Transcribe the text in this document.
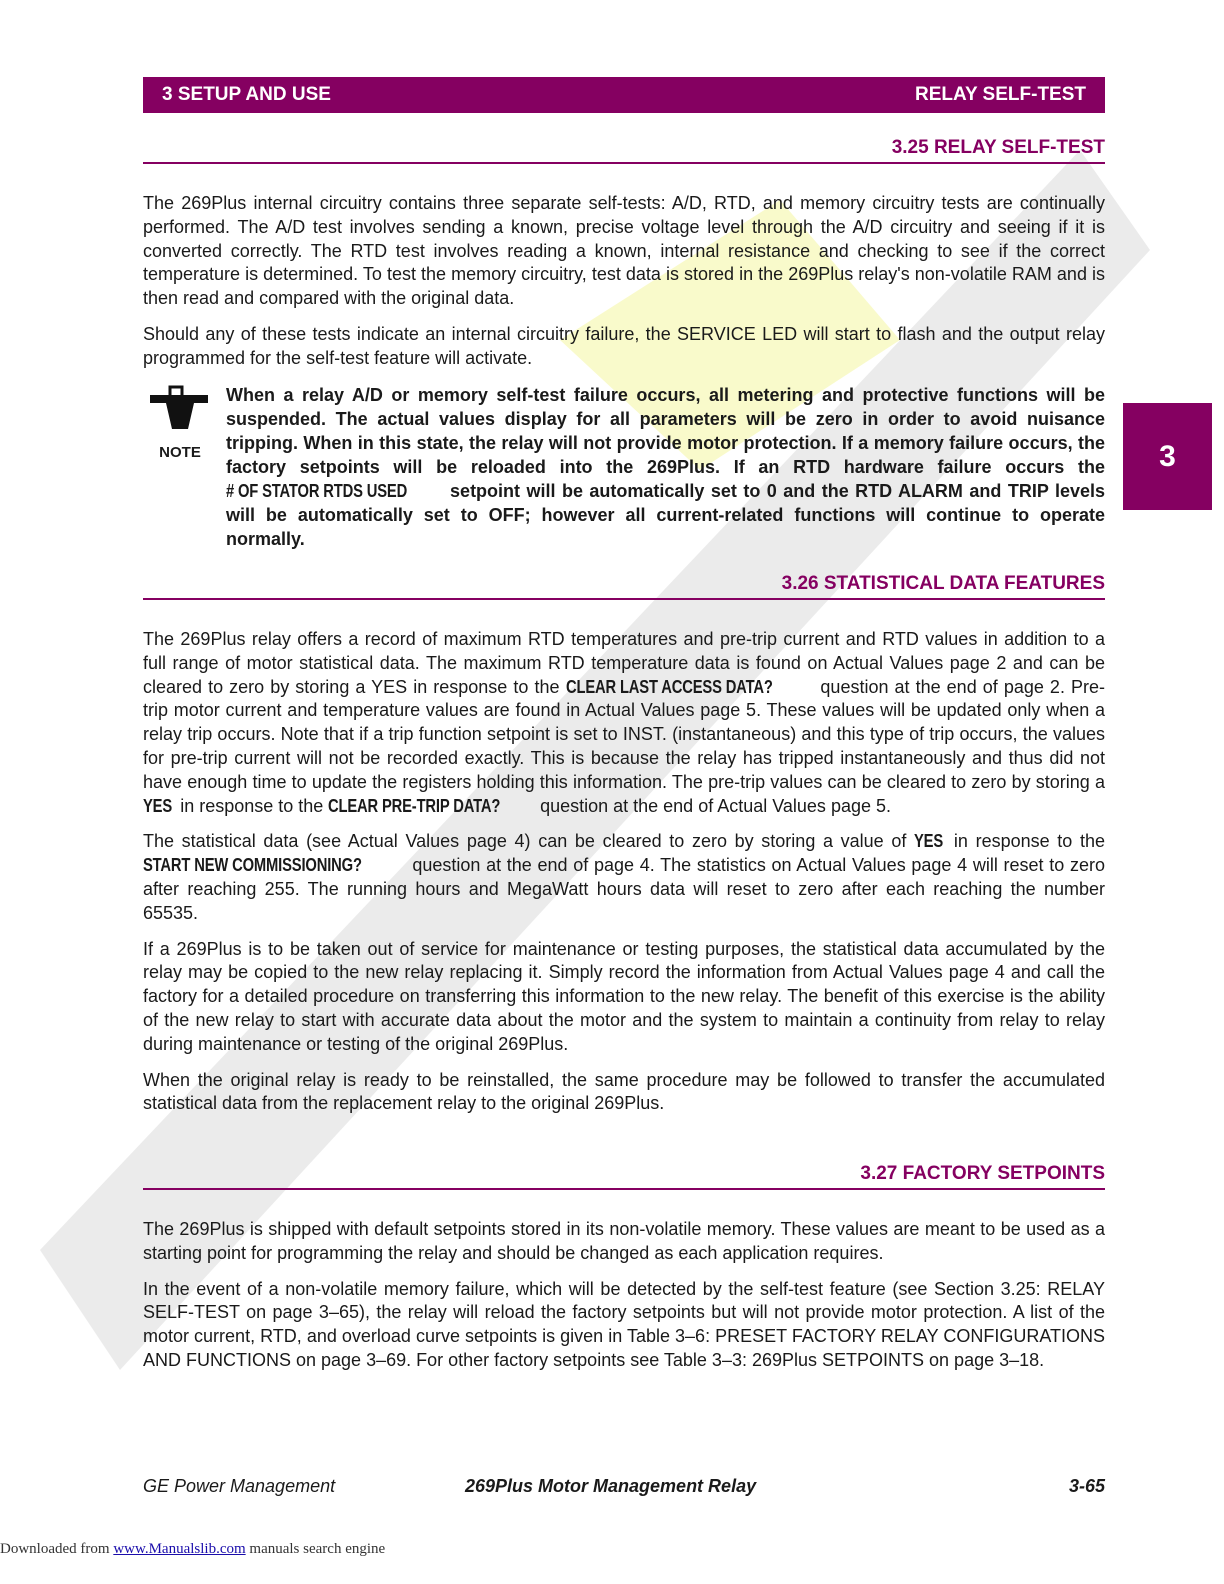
3 SETUP AND USE	RELAY SELF-TEST
3
3.25 RELAY SELF-TEST

The 269Plus internal circuitry contains three separate self-tests: A/D, RTD, and memory circuitry tests are continually performed. The A/D test involves sending a known, precise voltage level through the A/D circuitry and seeing if it is converted correctly. The RTD test involves reading a known, internal resistance and checking to see if the correct temperature is determined. To test the memory circuitry, test data is stored in the 269Plus relay's non-volatile RAM and is then read and compared with the original data.

Should any of these tests indicate an internal circuitry failure, the SERVICE LED will start to flash and the output relay programmed for the self-test feature will activate.

NOTE
When a relay A/D or memory self-test failure occurs, all metering and protective functions will be suspended. The actual values display for all parameters will be zero in order to avoid nuisance tripping. When in this state, the relay will not provide motor protection. If a memory failure occurs, the factory setpoints will be reloaded into the 269Plus. If an RTD hardware failure occurs the # OF STATOR RTDS USED setpoint will be automatically set to 0 and the RTD ALARM and TRIP levels will be automatically set to OFF; however all current-related functions will continue to operate normally.
3.26 STATISTICAL DATA FEATURES

The 269Plus relay offers a record of maximum RTD temperatures and pre-trip current and RTD values in addition to a full range of motor statistical data. The maximum RTD temperature data is found on Actual Values page 2 and can be cleared to zero by storing a YES in response to the CLEAR LAST ACCESS DATA? question at the end of page 2. Pre-trip motor current and temperature values are found in Actual Values page 5. These values will be updated only when a relay trip occurs. Note that if a trip function setpoint is set to INST. (instantaneous) and this type of trip occurs, the values for pre-trip current will not be recorded exactly. This is because the relay has tripped instantaneously and thus did not have enough time to update the registers holding this information. The pre-trip values can be cleared to zero by storing a YES in response to the CLEAR PRE-TRIP DATA? question at the end of Actual Values page 5.

The statistical data (see Actual Values page 4) can be cleared to zero by storing a value of YES in response to the START NEW COMMISSIONING? question at the end of page 4. The statistics on Actual Values page 4 will reset to zero after reaching 255. The running hours and MegaWatt hours data will reset to zero after each reaching the number 65535.

If a 269Plus is to be taken out of service for maintenance or testing purposes, the statistical data accumulated by the relay may be copied to the new relay replacing it. Simply record the information from Actual Values page 4 and call the factory for a detailed procedure on transferring this information to the new relay. The benefit of this exercise is the ability of the new relay to start with accurate data about the motor and the system to maintain a continuity from relay to relay during maintenance or testing of the original 269Plus.

When the original relay is ready to be reinstalled, the same procedure may be followed to transfer the accumulated statistical data from the replacement relay to the original 269Plus.

3.27 FACTORY SETPOINTS

The 269Plus is shipped with default setpoints stored in its non-volatile memory. These values are meant to be used as a starting point for programming the relay and should be changed as each application requires.

In the event of a non-volatile memory failure, which will be detected by the self-test feature (see Section 3.25: RELAY SELF-TEST on page 3–65), the relay will reload the factory setpoints but will not provide motor protection. A list of the motor current, RTD, and overload curve setpoints is given in Table 3–6: PRESET FACTORY RELAY CONFIGURATIONS AND FUNCTIONS on page 3–69. For other factory setpoints see Table 3–3: 269Plus SETPOINTS on page 3–18.

GE Power Management	269Plus Motor Management Relay	3-65
Downloaded from www.Manualslib.com manuals search engine
